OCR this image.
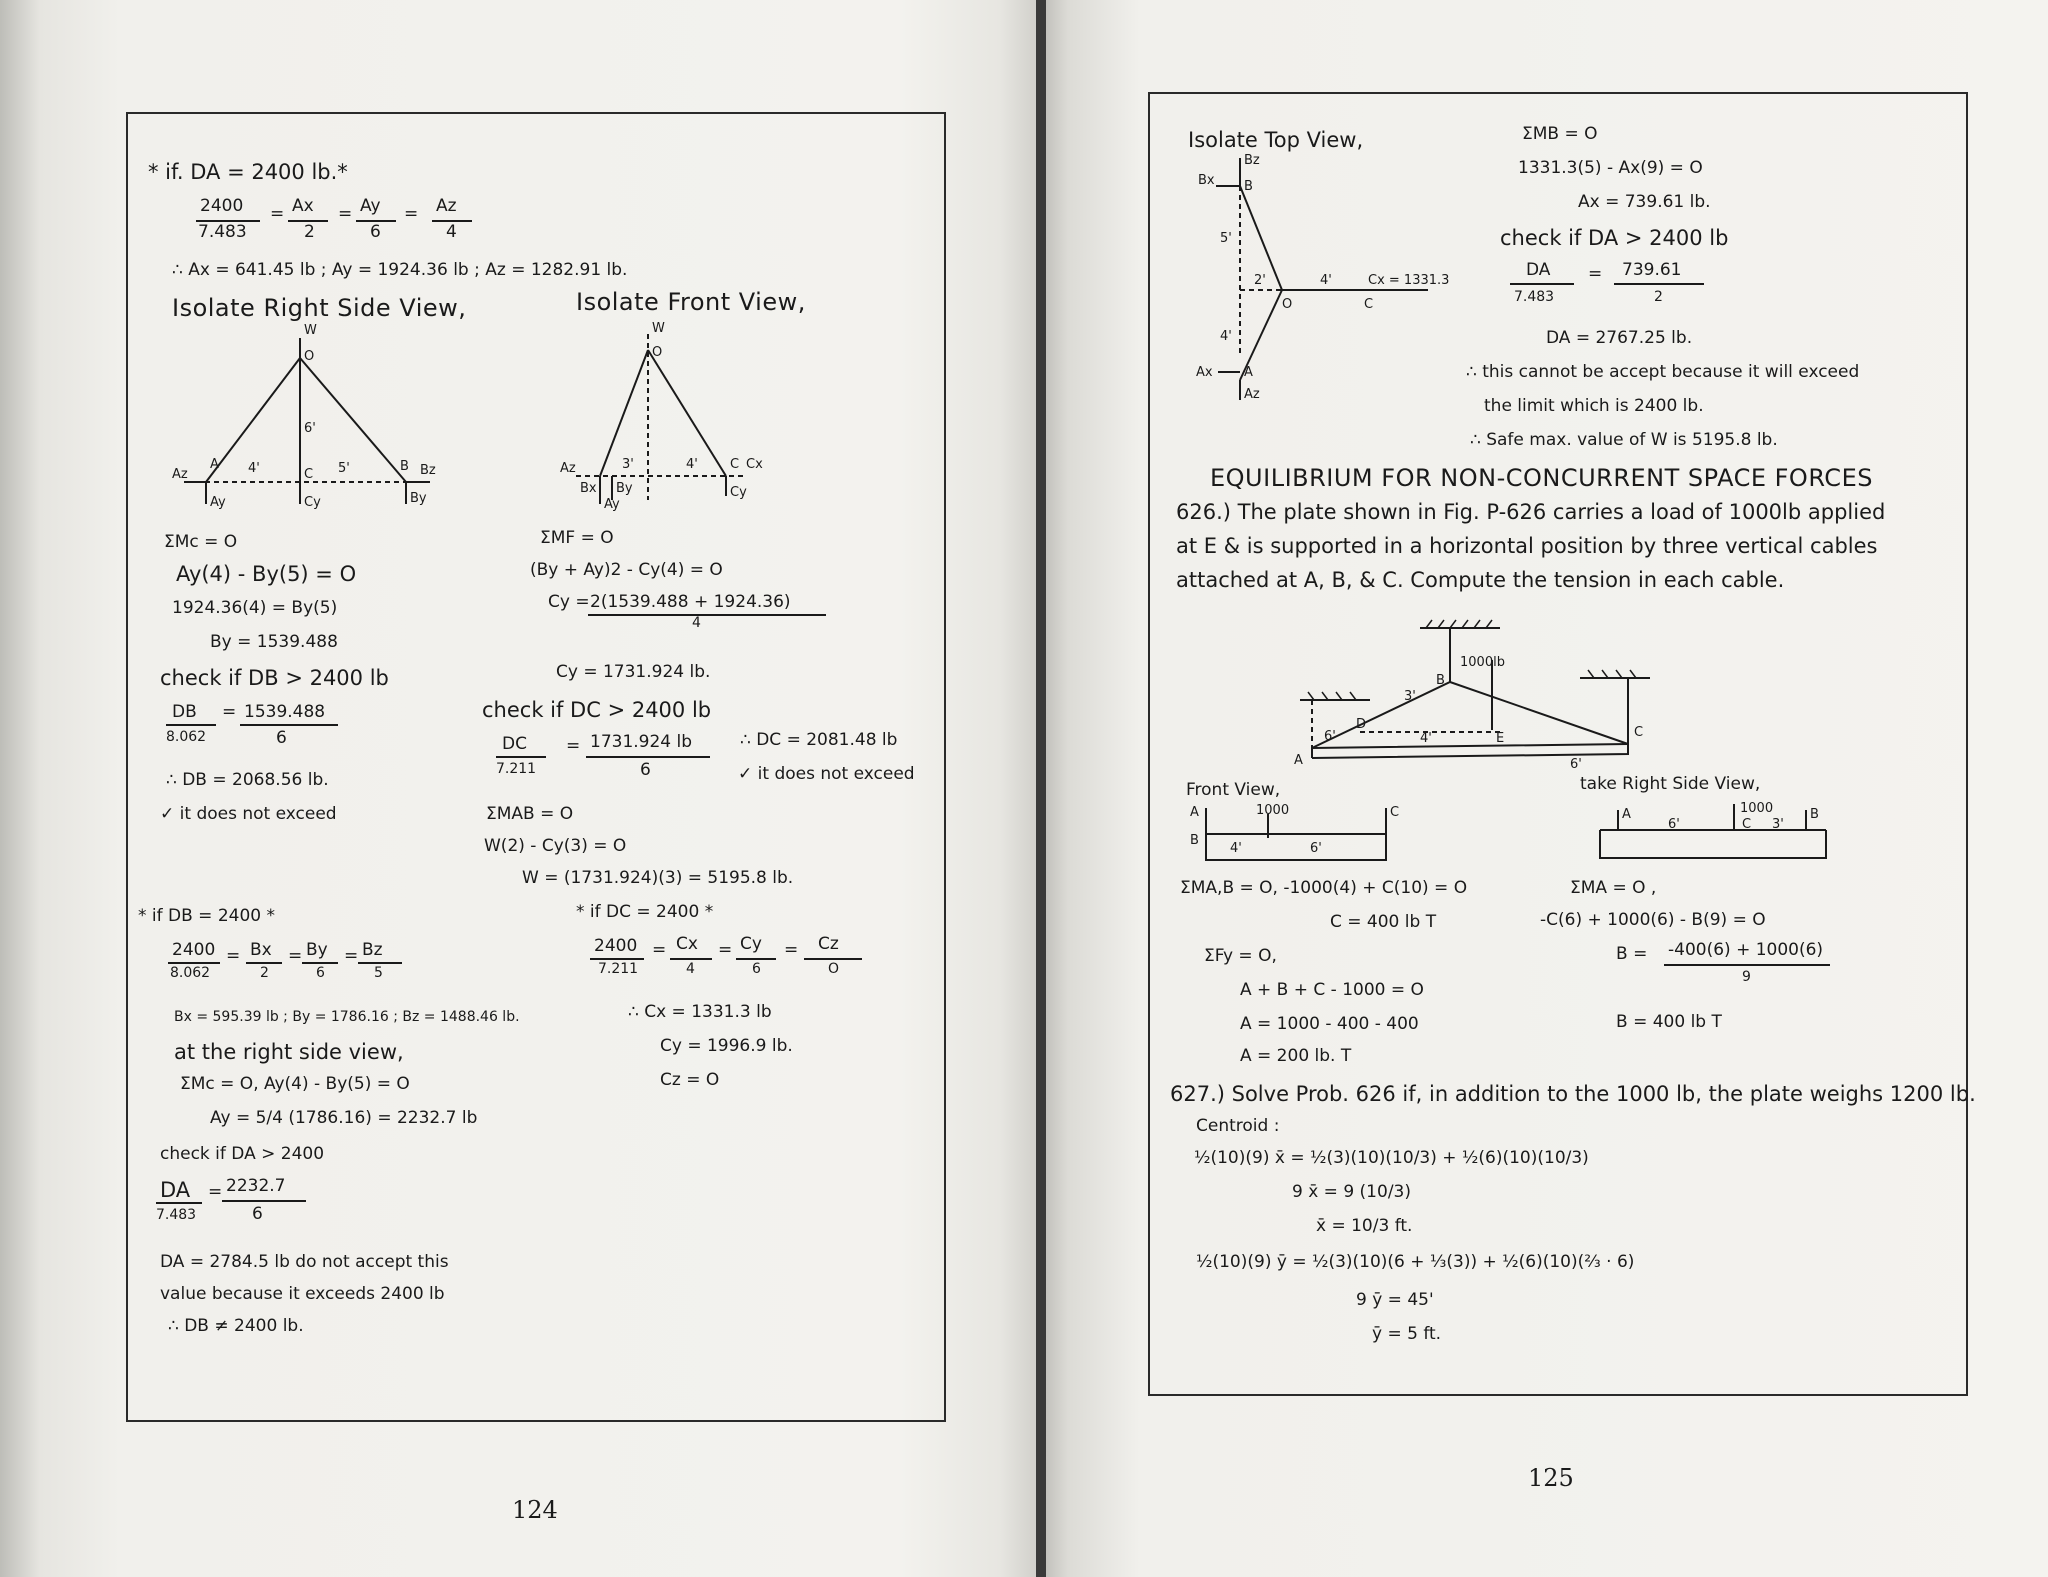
* if. DA = 2400 lb.*
2400
7.483
= Ax
2
= Ay
6
= Az
4
∴ Ax = 641.45 lb ; Ay = 1924.36 lb ; Az = 1282.91 lb.
Isolate Right Side View,	Isolate Front View,
W
O
6'
4'	5'
A
Az
Ay
C
Cy
B Bz
By
W
O
3'	4'
Az
Bx By
Ay
C Cx
Cy
ΣMc = O
Ay(4) - By(5) = O
1924.36(4) = By(5)
By = 1539.488
check if DB > 2400 lb
DB
8.062
= 1539.488
6
∴ DB = 2068.56 lb.
✓ it does not exceed
ΣMF = O
(By + Ay)2 - Cy(4) = O
Cy = 2(1539.488 + 1924.36)
4
Cy = 1731.924 lb.
check if DC > 2400 lb
DC
7.211
= 1731.924 lb
6
∴ DC = 2081.48 lb
✓ it does not exceed
ΣMAB = O
W(2) - Cy(3) = O
W = (1731.924)(3) = 5195.8 lb.
* if DB = 2400 *
2400
8.062
= Bx
2
= By
6
= Bz
5
Bx = 595.39 lb ; By = 1786.16 ; Bz = 1488.46 lb.
at the right side view,
ΣMc = O, Ay(4) - By(5) = O
Ay = 5/4 (1786.16) = 2232.7 lb
check if DA > 2400
DA
7.483
= 2232.7
6
DA = 2784.5 lb do not accept this
value because it exceeds 2400 lb
∴ DB ≠ 2400 lb.
* if DC = 2400 *
2400
7.211
= Cx
4
= Cy
6
= Cz
O
∴ Cx = 1331.3 lb
Cy = 1996.9 lb.
Cz = O
124
Isolate Top View,
Bx
Bz
B
5'
2'	4'
4'
O	C
Cx = 1331.3
Ax A
Az
ΣMB = O
1331.3(5) - Ax(9) = O
Ax = 739.61 lb.
check if DA > 2400 lb
DA
7.483
= 739.61
2
DA = 2767.25 lb.
∴ this cannot be accept because it will exceed
the limit which is 2400 lb.
∴ Safe max. value of W is 5195.8 lb.
EQUILIBRIUM FOR NON-CONCURRENT SPACE FORCES
626.) The plate shown in Fig. P-626 carries a load of 1000lb applied
at E & is supported in a horizontal position by three vertical cables
attached at A, B, & C. Compute the tension in each cable.
1000lb
B
3'
6'
D
4'	E
A	6'
C
Front View,	take Right Side View,
A
B
1000	C
4'	6'
A	1000
C
B
6'	3'
ΣMA,B = O, -1000(4) + C(10) = O
C = 400 lb T
ΣFy = O,
A + B + C - 1000 = O
A = 1000 - 400 - 400
A = 200 lb. T
ΣMA = O ,
-C(6) + 1000(6) - B(9) = O
B = -400(6) + 1000(6)
9
B = 400 lb T
627.) Solve Prob. 626 if, in addition to the 1000 lb, the plate weighs 1200 lb.
Centroid :
½(10)(9) x̄ = ½(3)(10)(10/3) + ½(6)(10)(10/3)
9 x̄ = 9 (10/3)
x̄ = 10/3 ft.
½(10)(9) ȳ = ½(3)(10)(6 + ⅓(3)) + ½(6)(10)(⅔ · 6)
9 ȳ = 45'
ȳ = 5 ft.
125
